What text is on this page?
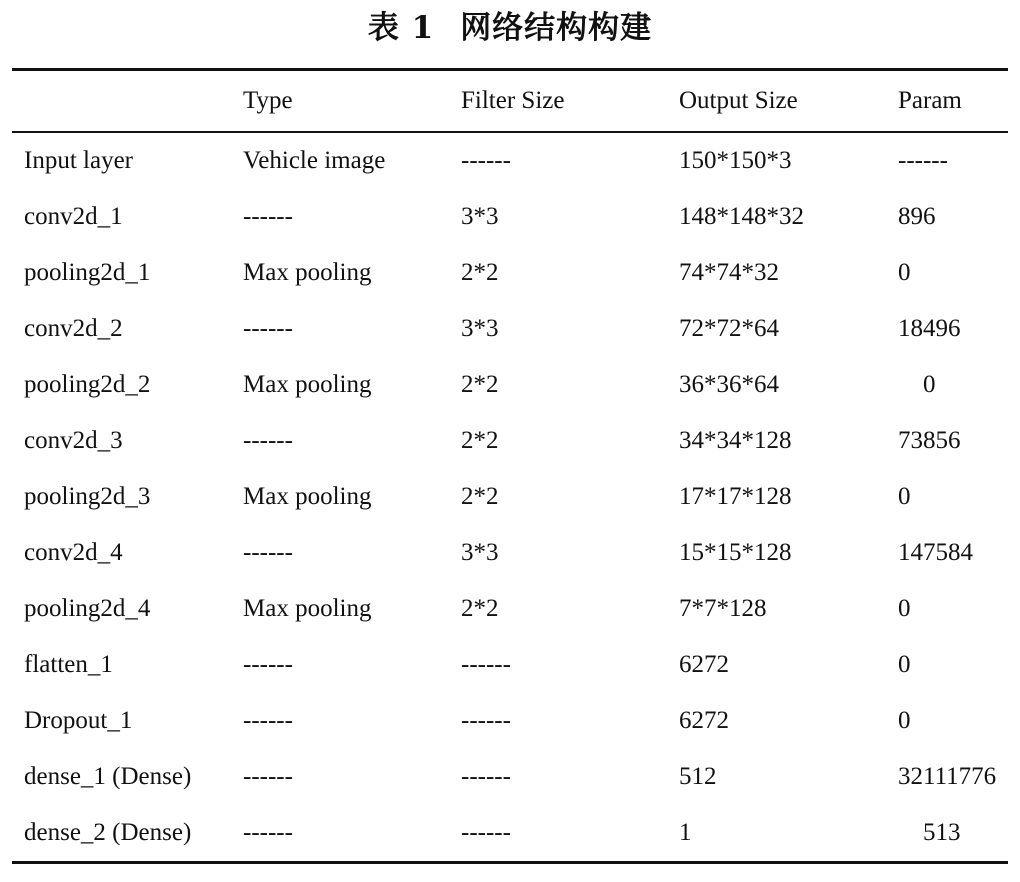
表 1 网络结构构建
	Type	Filter Size	Output Size	Param
Input layer	Vehicle image	------	150*150*3	------
conv2d_1	------	3*3	148*148*32	896
pooling2d_1	Max pooling	2*2	74*74*32	0
conv2d_2	------	3*3	72*72*64	18496
pooling2d_2	Max pooling	2*2	36*36*64	0
conv2d_3	------	2*2	34*34*128	73856
pooling2d_3	Max pooling	2*2	17*17*128	0
conv2d_4	------	3*3	15*15*128	147584
pooling2d_4	Max pooling	2*2	7*7*128	0
flatten_1	------	------	6272	0
Dropout_1	------	------	6272	0
dense_1 (Dense)	------	------	512	32111776
dense_2 (Dense)	------	------	1	513
